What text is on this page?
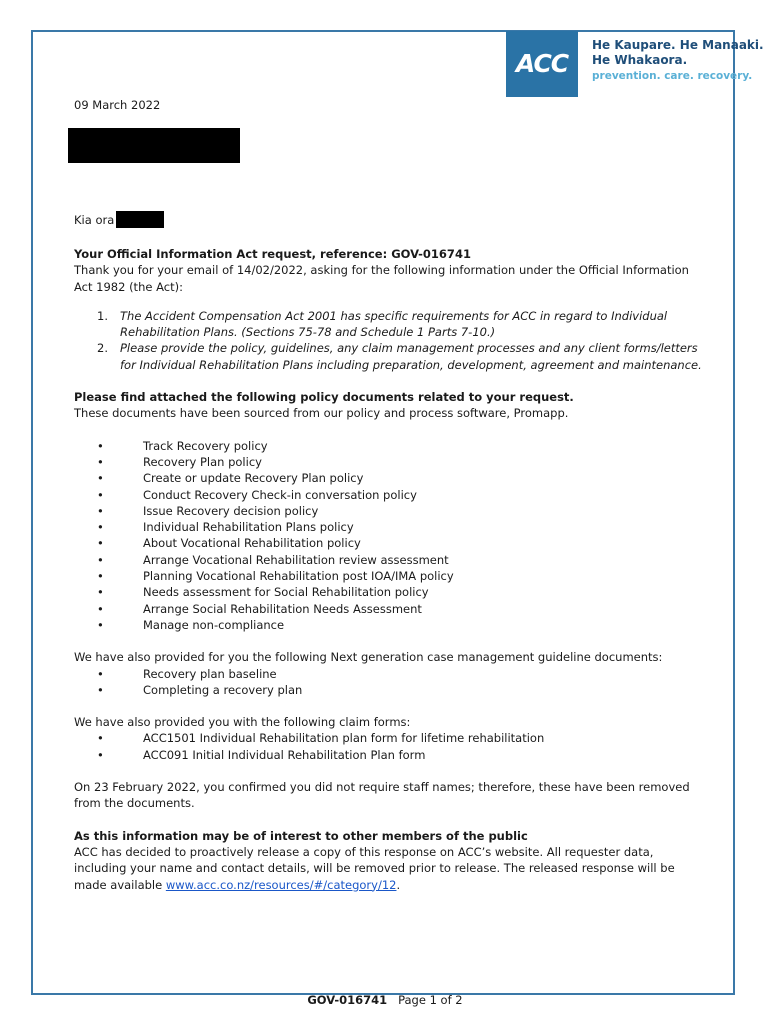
ACC
He Kaupare. He Manaaki.
He Whakaora.
prevention. care. recovery.
09 March 2022
Kia ora

Your Official Information Act request, reference: GOV-016741

Thank you for your email of 14/02/2022, asking for the following information under the Official Information Act 1982 (the Act):

1. The Accident Compensation Act 2001 has specific requirements for ACC in regard to Individual Rehabilitation Plans. (Sections 75-78 and Schedule 1 Parts 7-10.)
2. Please provide the policy, guidelines, any claim management processes and any client forms/letters for Individual Rehabilitation Plans including preparation, development, agreement and maintenance.

Please find attached the following policy documents related to your request.

These documents have been sourced from our policy and process software, Promapp.

•	Track Recovery policy
•	Recovery Plan policy
•	Create or update Recovery Plan policy
•	Conduct Recovery Check-in conversation policy
•	Issue Recovery decision policy
•	Individual Rehabilitation Plans policy
•	About Vocational Rehabilitation policy
•	Arrange Vocational Rehabilitation review assessment
•	Planning Vocational Rehabilitation post IOA/IMA policy
•	Needs assessment for Social Rehabilitation policy
•	Arrange Social Rehabilitation Needs Assessment
•	Manage non-compliance

We have also provided for you the following Next generation case management guideline documents:

•	Recovery plan baseline
•	Completing a recovery plan

We have also provided you with the following claim forms:

•	ACC1501 Individual Rehabilitation plan form for lifetime rehabilitation
•	ACC091 Initial Individual Rehabilitation Plan form

On 23 February 2022, you confirmed you did not require staff names; therefore, these have been removed from the documents.

As this information may be of interest to other members of the public

ACC has decided to proactively release a copy of this response on ACC’s website. All requester data, including your name and contact details, will be removed prior to release. The released response will be made available www.acc.co.nz/resources/#/category/12.

GOV-016741 Page 1 of 2
